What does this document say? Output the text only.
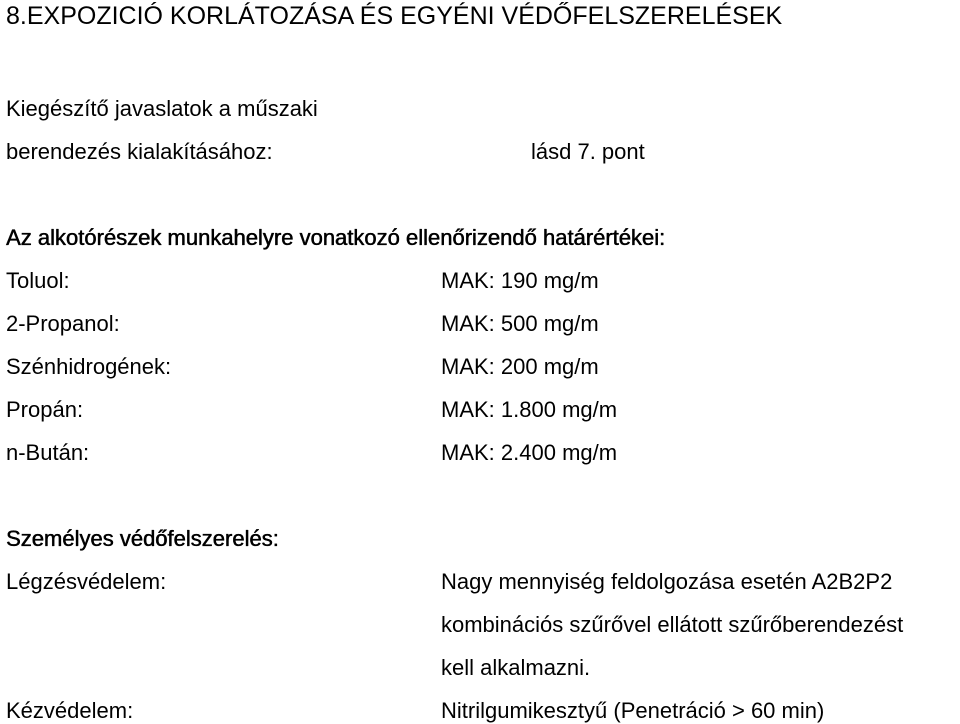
8.EXPOZICIÓ KORLÁTOZÁSA ÉS EGYÉNI VÉDŐFELSZERELÉSEK
Kiegészítő javaslatok a műszaki
berendezés kialakításához:	lásd 7. pont
Az alkotórészek munkahelyre vonatkozó ellenőrizendő határértékei:
Toluol:	MAK: 190 mg/m
2-Propanol:	MAK: 500 mg/m
Szénhidrogének:	MAK: 200 mg/m
Propán:	MAK: 1.800 mg/m
n-Bután:	MAK: 2.400 mg/m
Személyes védőfelszerelés:
Légzésvédelem:	Nagy mennyiség feldolgozása esetén A2B2P2
kombinációs szűrővel ellátott szűrőberendezést
kell alkalmazni.
Kézvédelem:	Nitrilgumikesztyű (Penetráció > 60 min)
